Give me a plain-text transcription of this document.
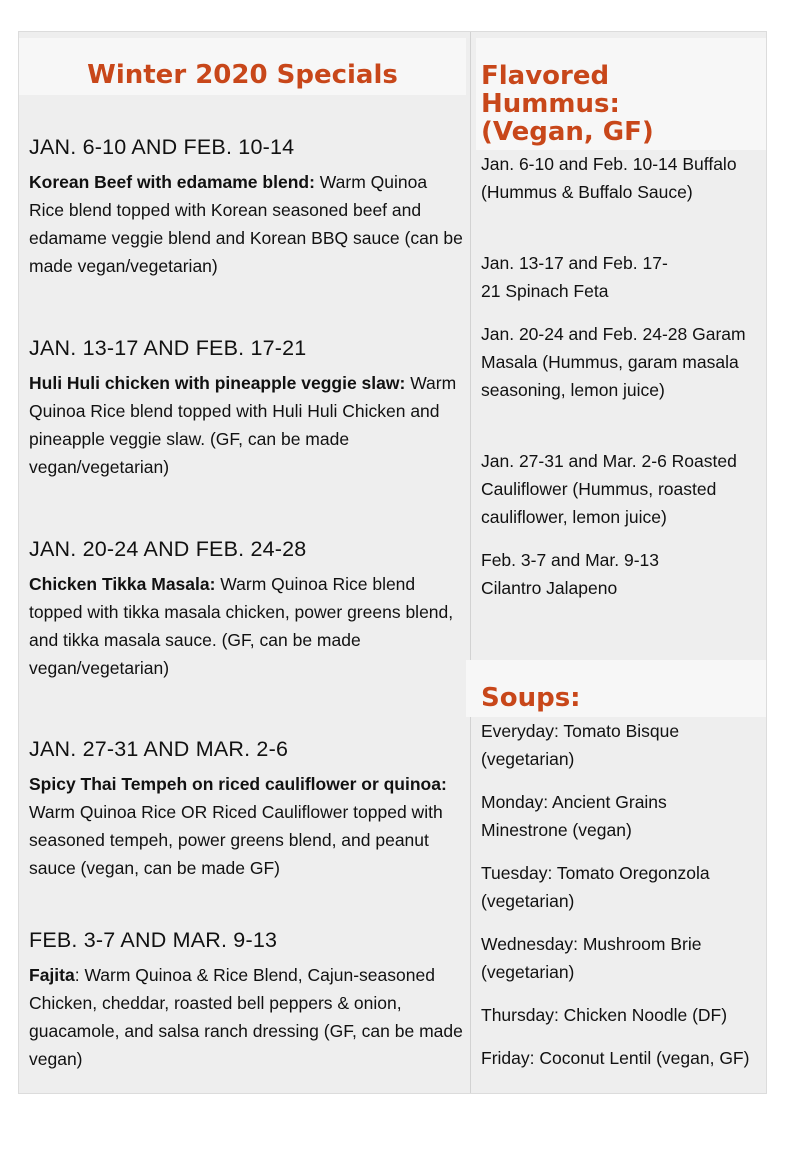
Winter 2020 Specials
JAN. 6-10 AND FEB. 10-14

Korean Beef with edamame blend: Warm Quinoa Rice blend topped with Korean seasoned beef and edamame veggie blend and Korean BBQ sauce (can be made vegan/vegetarian)

JAN. 13-17 AND FEB. 17-21

Huli Huli chicken with pineapple veggie slaw: Warm Quinoa Rice blend topped with Huli Huli Chicken and pineapple veggie slaw. (GF, can be made vegan/vegetarian)

JAN. 20-24 AND FEB. 24-28

Chicken Tikka Masala: Warm Quinoa Rice blend topped with tikka masala chicken, power greens blend, and tikka masala sauce. (GF, can be made vegan/vegetarian)

JAN. 27-31 AND MAR. 2-6

Spicy Thai Tempeh on riced cauliflower or quinoa: Warm Quinoa Rice OR Riced Cauliflower topped with seasoned tempeh, power greens blend, and peanut sauce (vegan, can be made GF)

FEB. 3-7 AND MAR. 9-13

Fajita: Warm Quinoa & Rice Blend, Cajun-seasoned Chicken, cheddar, roasted bell peppers & onion, guacamole, and salsa ranch dressing (GF, can be made vegan)

Flavored Hummus: (Vegan, GF)

Jan. 6-10 and Feb. 10-14 Buffalo (Hummus & Buffalo Sauce)

Jan. 13-17 and Feb. 17-21 Spinach Feta

Jan. 20-24 and Feb. 24-28 Garam Masala (Hummus, garam masala seasoning, lemon juice)

Jan. 27-31 and Mar. 2-6 Roasted Cauliflower (Hummus, roasted cauliflower, lemon juice)

Feb. 3-7 and Mar. 9-13 Cilantro Jalapeno

Soups:

Everyday: Tomato Bisque (vegetarian)

Monday: Ancient Grains Minestrone (vegan)

Tuesday: Tomato Oregonzola (vegetarian)

Wednesday: Mushroom Brie (vegetarian)

Thursday: Chicken Noodle (DF)

Friday: Coconut Lentil (vegan, GF)
